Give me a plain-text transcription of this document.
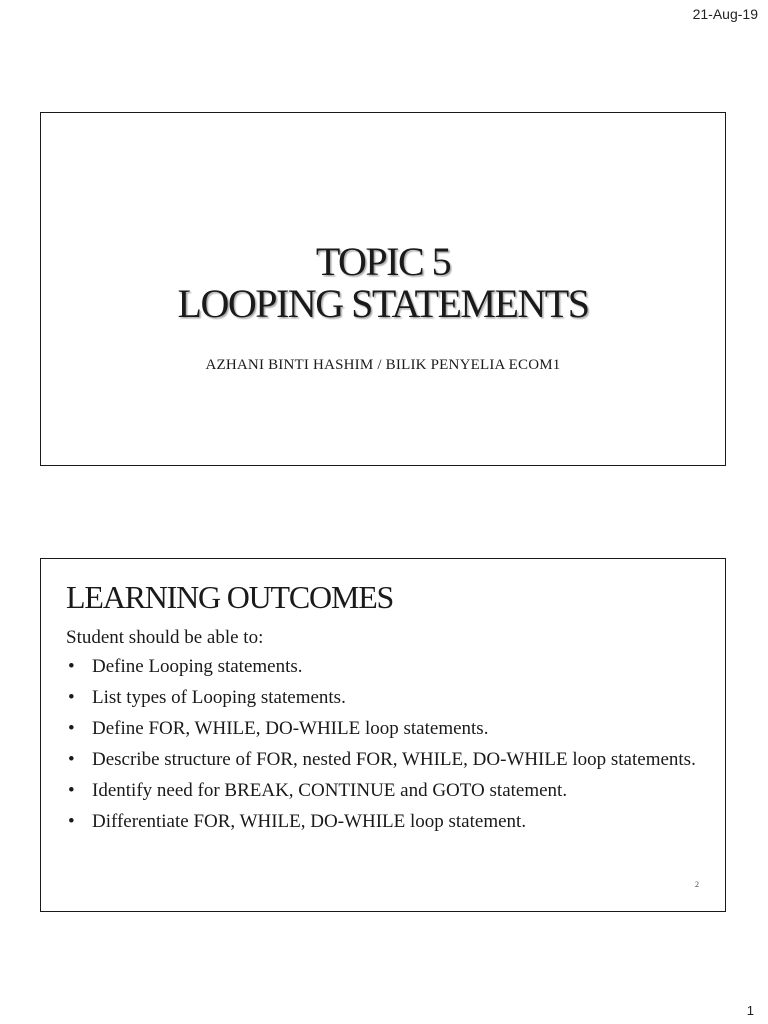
21-Aug-19
TOPIC 5
LOOPING STATEMENTS
AZHANI BINTI HASHIM / BILIK PENYELIA ECOM1
LEARNING OUTCOMES
Student should be able to:
• Define Looping statements.
• List types of Looping statements.
• Define FOR, WHILE, DO-WHILE loop statements.
• Describe structure of FOR, nested FOR, WHILE, DO-WHILE loop statements.
• Identify need for BREAK, CONTINUE and GOTO statement.
• Differentiate FOR, WHILE, DO-WHILE loop statement.
2
1
